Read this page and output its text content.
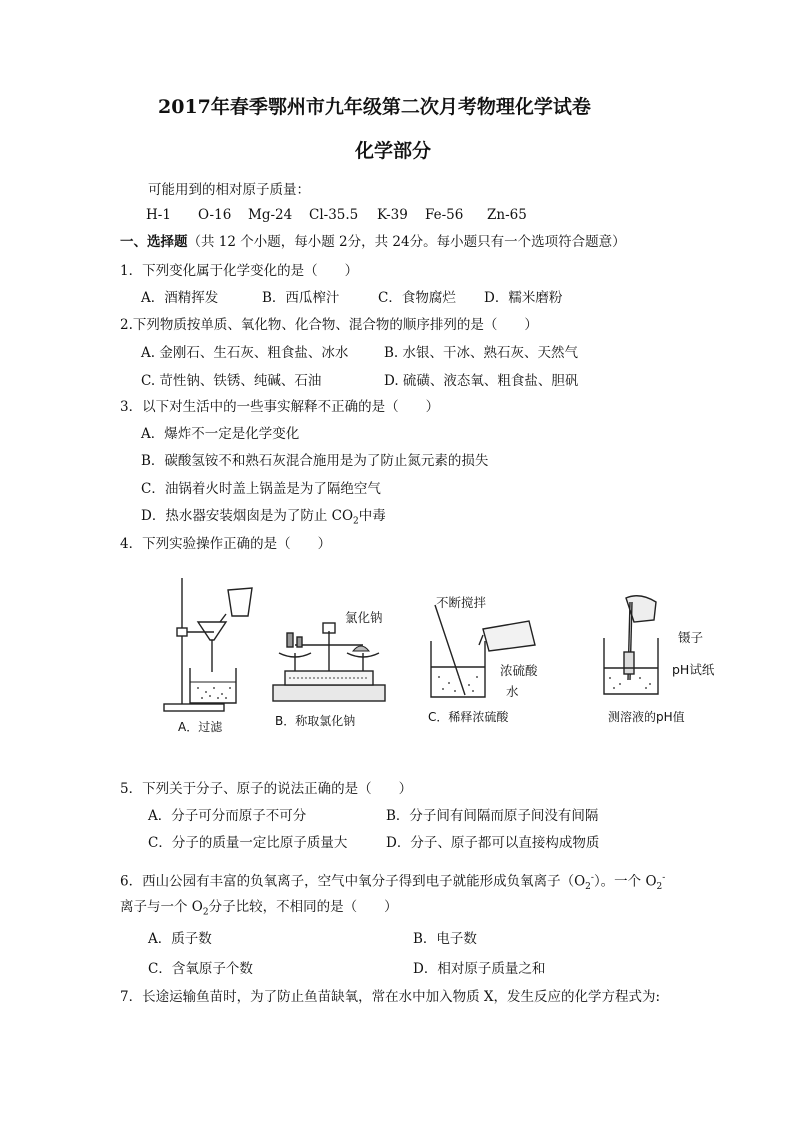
2017年春季鄂州市九年级第二次月考物理化学试卷
化学部分
可能用到的相对原子质量：
H-1 O-16 Mg-24 Cl-35.5 K-39 Fe-56 Zn-65
一、选择题（共 12 个小题，每小题 2分，共 24分。每小题只有一个选项符合题意）
1．下列变化属于化学变化的是（　　）
A．酒精挥发	B．西瓜榨汁	C．食物腐烂 D．糯米磨粉
2.下列物质按单质、氧化物、化合物、混合物的顺序排列的是（　　）
A. 金刚石、生石灰、粗食盐、冰水	B. 水银、干冰、熟石灰、天然气
C. 苛性钠、铁锈、纯碱、石油	D. 硫磺、液态氧、粗食盐、胆矾
3．以下对生活中的一些事实解释不正确的是（　　）
A．爆炸不一定是化学变化
B．碳酸氢铵不和熟石灰混合施用是为了防止氮元素的损失
C．油锅着火时盖上锅盖是为了隔绝空气
D．热水器安装烟囱是为了防止 $CO_2$中毒
4．下列实验操作正确的是（　　）
A．过滤
氯化钠
B．称取氯化钠
不断搅拌
浓硫酸
水
C．稀释浓硫酸
镊子
pH试纸
测溶液的pH值
5．下列关于分子、原子的说法正确的是（　　）
A．分子可分而原子不可分	B．分子间有间隔而原子间没有间隔
C．分子的质量一定比原子质量大	D．分子、原子都可以直接构成物质
6．西山公园有丰富的负氧离子，空气中氧分子得到电子就能形成负氧离子$(O_2^-)$。一个 $O_2^-$
离子与一个 $O_2$分子比较，不相同的是（　　）
A．质子数	B．电子数
C．含氧原子个数	D．相对原子质量之和
7．长途运输鱼苗时，为了防止鱼苗缺氧，常在水中加入物质 X，发生反应的化学方程式为:
